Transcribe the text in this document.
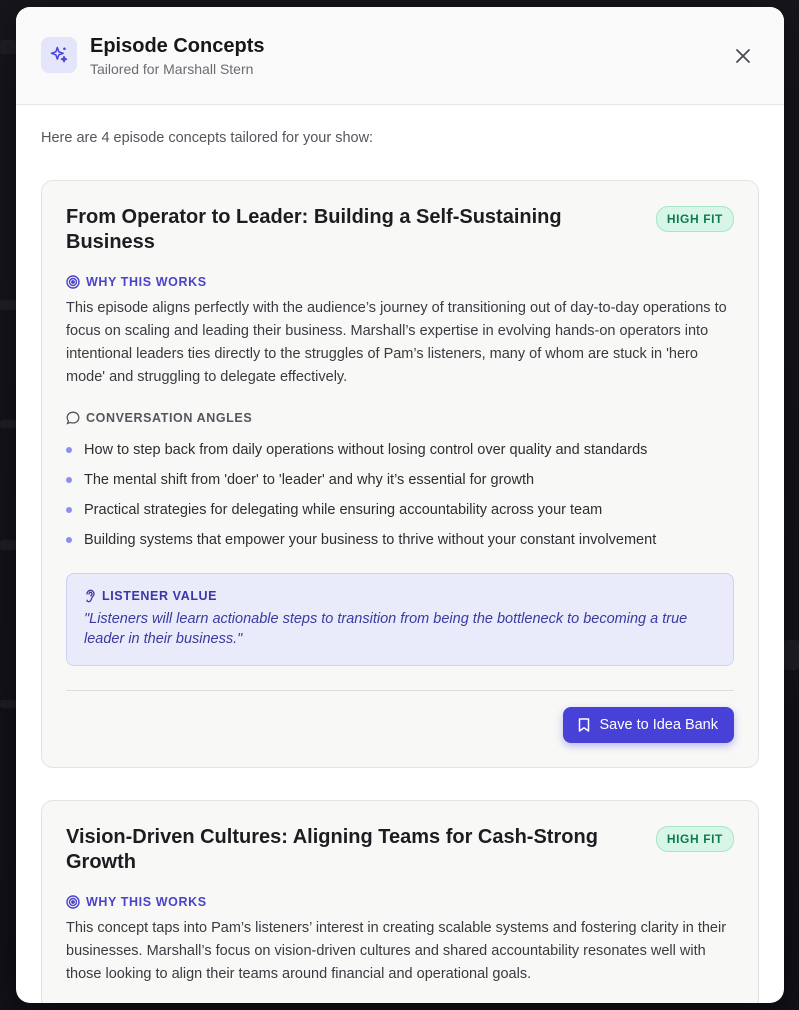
Episode Concepts
Tailored for Marshall Stern
Here are 4 episode concepts tailored for your show:
From Operator to Leader: Building a Self-Sustaining Business
HIGH FIT
WHY THIS WORKS
This episode aligns perfectly with the audience’s journey of transitioning out of day-to-day operations to focus on scaling and leading their business. Marshall’s expertise in evolving hands-on operators into intentional leaders ties directly to the struggles of Pam’s listeners, many of whom are stuck in 'hero mode' and struggling to delegate effectively.
CONVERSATION ANGLES
How to step back from daily operations without losing control over quality and standards
The mental shift from 'doer' to 'leader' and why it’s essential for growth
Practical strategies for delegating while ensuring accountability across your team
Building systems that empower your business to thrive without your constant involvement
LISTENER VALUE
"Listeners will learn actionable steps to transition from being the bottleneck to becoming a true leader in their business."
Save to Idea Bank
Vision-Driven Cultures: Aligning Teams for Cash-Strong Growth
HIGH FIT
WHY THIS WORKS
This concept taps into Pam’s listeners’ interest in creating scalable systems and fostering clarity in their businesses. Marshall’s focus on vision-driven cultures and shared accountability resonates well with those looking to align their teams around financial and operational goals.
